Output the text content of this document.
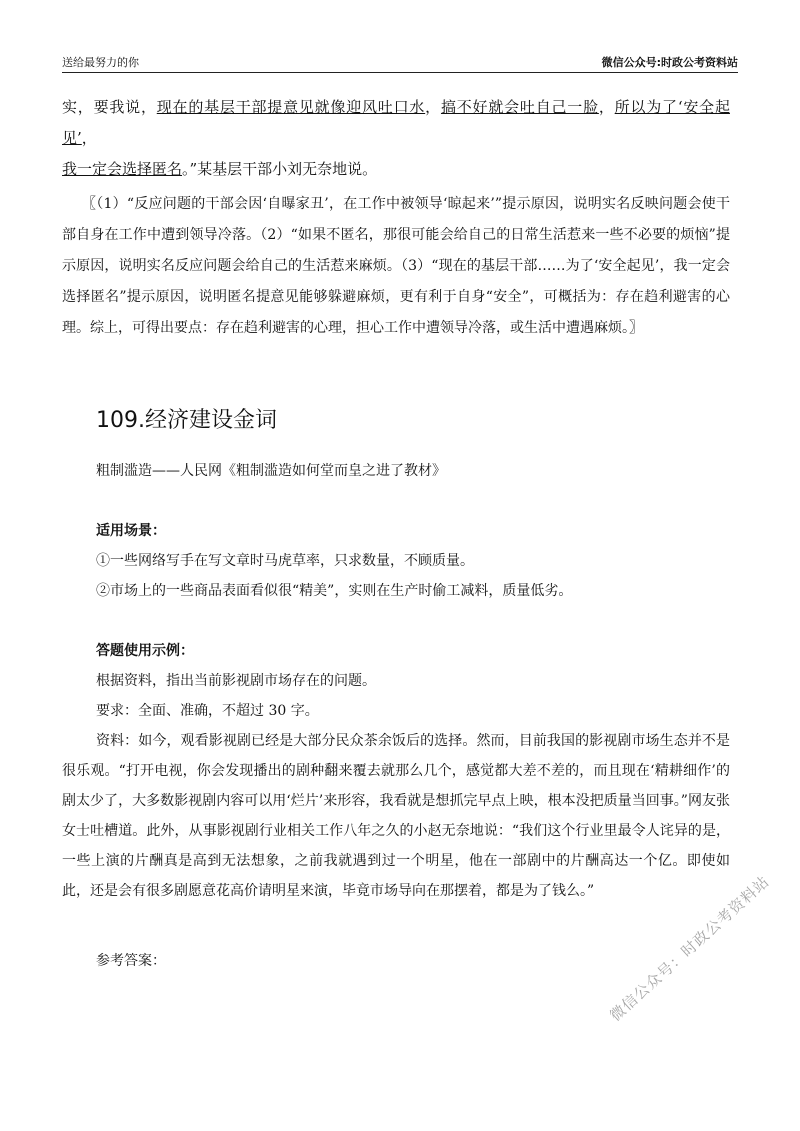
送给最努力的你	微信公众号:时政公考资料站

实，要我说，现在的基层干部提意见就像迎风吐口水，搞不好就会吐自己一脸，所以为了‘安全起见’，
我一定会选择匿名。”某基层干部小刘无奈地说。

〖（1）“反应问题的干部会因‘自曝家丑’，在工作中被领导‘晾起来’”提示原因，说明实名反映问题会使干部自身在工作中遭到领导冷落。（2）“如果不匿名，那很可能会给自己的日常生活惹来一些不必要的烦恼”提示原因，说明实名反应问题会给自己的生活惹来麻烦。（3）“现在的基层干部……为了‘安全起见’，我一定会选择匿名”提示原因，说明匿名提意见能够躲避麻烦，更有利于自身“安全”，可概括为：存在趋利避害的心理。综上，可得出要点：存在趋利避害的心理，担心工作中遭领导冷落，或生活中遭遇麻烦。〗

109.经济建设金词
粗制滥造——人民网《粗制滥造如何堂而皇之进了教材》
适用场景：
①一些网络写手在写文章时马虎草率，只求数量，不顾质量。
②市场上的一些商品表面看似很“精美”，实则在生产时偷工减料，质量低劣。
答题使用示例：
根据资料，指出当前影视剧市场存在的问题。
要求：全面、准确，不超过 30 字。

资料：如今，观看影视剧已经是大部分民众茶余饭后的选择。然而，目前我国的影视剧市场生态并不是很乐观。“打开电视，你会发现播出的剧种翻来覆去就那么几个，感觉都大差不差的，而且现在‘精耕细作’的剧太少了，大多数影视剧内容可以用‘烂片’来形容，我看就是想抓完早点上映，根本没把质量当回事。”网友张女士吐槽道。此外，从事影视剧行业相关工作八年之久的小赵无奈地说：“我们这个行业里最令人诧异的是，一些上演的片酬真是高到无法想象，之前我就遇到过一个明星，他在一部剧中的片酬高达一个亿。即使如此，还是会有很多剧愿意花高价请明星来演，毕竟市场导向在那摆着，都是为了钱么。”

参考答案：	微信公众号：时政公考资料站
